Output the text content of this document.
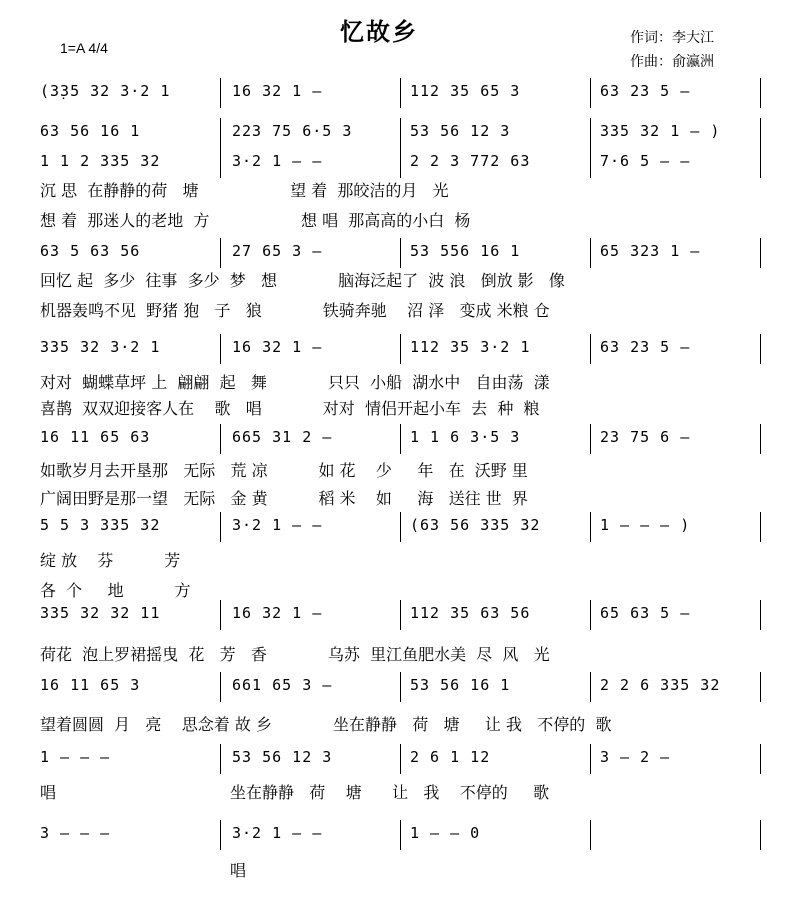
忆故乡
1=A 4/4
作词：李大江
作曲：俞瀛洲
(3̣35 32 3·2 1	16 32 1 —	112 35 65 3	63 23 5 —
63 56 16 1	223 75 6·5 3	53 56 12 3	335 32 1 — )
1 1 2 335 32	3·2 1 — —	2 2 3 772 63	7·6 5 — —
63 5 63 56	27 65 3 —	53 556 16 1	65 323 1 —
335 32 3·2 1	16 32 1 —	112 35 3·2 1	63 23 5 —
16 11 65 63	665 31 2 —	1 1 6 3·5 3	23 75 6 —
5 5 3 335 32	3·2 1 — —	(63 56 335 32	1 — — — )
335 32 32 11	16 32 1 —	112 35 63 56	65 63 5 —
16 11 65 3	661 65 3 —	53 56 16 1	2 2 6 335 32
1 — — —	53 56 12 3	2 6 1 12	3 — 2 —
3 — — —	3·2 1 — —	1 — — 0
沉 思  在静静的荷   塘                  望 着  那皎洁的月   光
想 着  那迷人的老地  方                  想 唱  那高高的小白  杨
回忆 起  多少  往事  多少  梦   想            脑海泛起了  波 浪   倒放 影   像
机器轰鸣不见  野猪 狍   子   狼            铁骑奔驰    沼 泽   变成 米粮 仓
对对  蝴蝶草坪 上  翩翩  起   舞            只只  小船  湖水中   自由荡  漾
喜鹊  双双迎接客人在    歌   唱            对对  情侣开起小车  去  种  粮
如歌岁月去开垦那   无际   荒 凉          如 花    少     年   在  沃野 里
广阔田野是那一望   无际   金 黄          稻 米    如     海   送往 世  界
绽 放    芬          芳
各  个     地          方
荷花  泡上罗裙摇曳  花   芳   香            乌苏  里江鱼肥水美  尽  风   光
望着圆圆  月   亮    思念着 故 乡            坐在静静   荷   塘     让 我   不停的  歌
唱	坐在静静   荷    塘      让   我    不停的     歌
唱
